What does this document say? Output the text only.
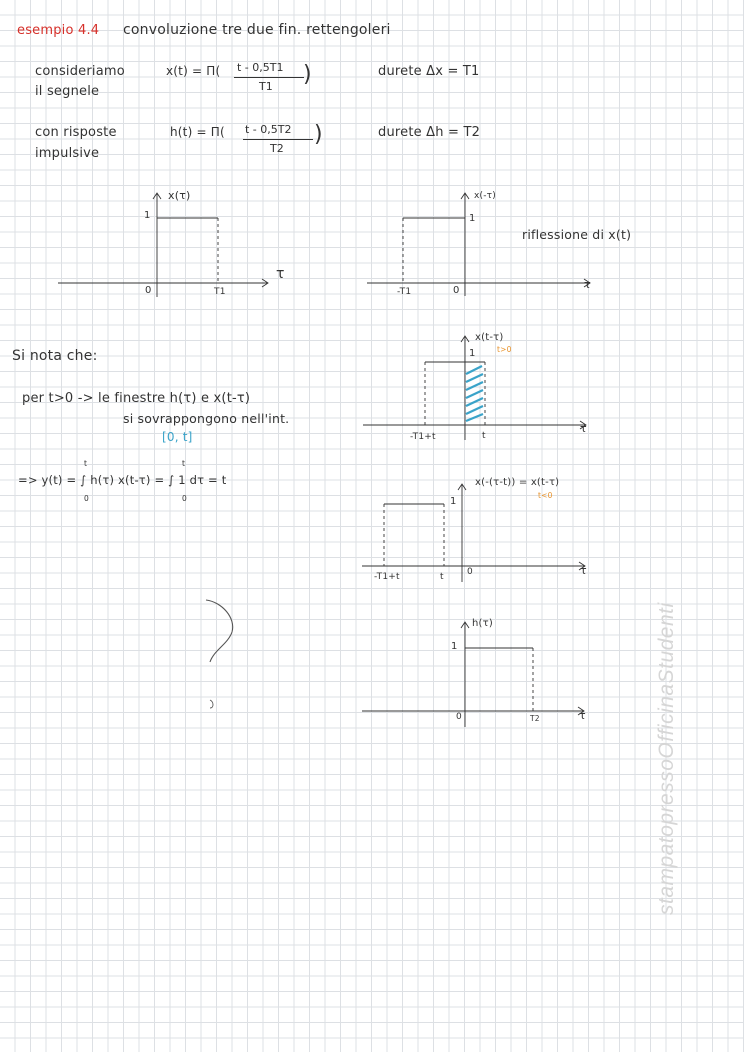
esempio 4.4 convoluzione tre due fin. rettengoleri
consideriamo
il segnele
x(t) = Π( t - 0,5T1
T1 )	durete Δx = T1
con risposte
impulsive
h(t) = Π( t - 0,5T2
T2
)	durete Δh = T2
x(τ)
1
0	T1
τ
x(-τ)
1
0
-T1
τ
riflessione di x(t)
Si nota che:
per t>0 -> le finestre h(τ) e x(t-τ)
si sovrappongono nell'int.
[0, t]
=> y(t) = ∫ h(τ) x(t-τ) = ∫ 1 dτ = t
t
0
t
0
x(t-τ)
t>0
1
-T1+t	t
τ
x(-(τ-t)) = x(t-τ)
t<0
1
-T1+t	t	0	τ
h(τ)
1
0	T2	τ	stampatopressoOfficinaStudenti
